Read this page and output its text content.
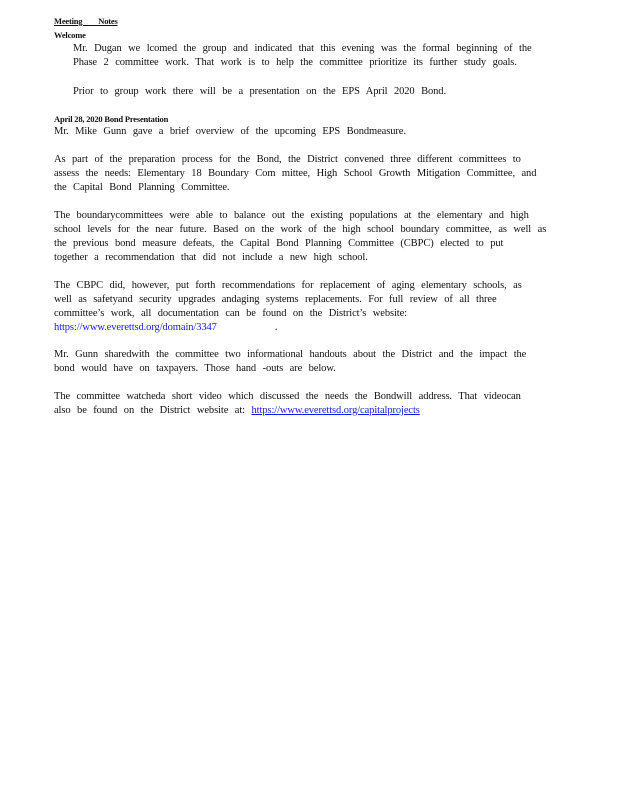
Meeting Notes
Welcome
Mr. Dugan we lcomed the group and indicated that this evening was the formal beginning of the
Phase 2 committee work. That work is to help the committee prioritize its further study goals.
Prior to group work there will be a presentation on the EPS April 2020 Bond.
April 28, 2020 Bond Presentation
Mr. Mike Gunn gave a brief overview of the upcoming EPS Bondmeasure.
As part of the preparation process for the Bond, the District convened three different committees to
assess the needs: Elementary 18 Boundary Com mittee, High School Growth Mitigation Committee, and
the Capital Bond Planning Committee.
The boundarycommittees were able to balance out the existing populations at the elementary and high
school levels for the near future. Based on the work of the high school boundary committee, as well as
the previous bond measure defeats, the Capital Bond Planning Committee (CBPC) elected to put
together a recommendation that did not include a new high school.
The CBPC did, however, put forth recommendations for replacement of aging elementary schools, as
well as safetyand security upgrades andaging systems replacements. For full review of all three
committee’s work, all documentation can be found on the District’s website:
https://www.everettsd.org/domain/3347	.
Mr. Gunn sharedwith the committee two informational handouts about the District and the impact the
bond would have on taxpayers. Those hand -outs are below.
The committee watcheda short video which discussed the needs the Bondwill address. That videocan
also be found on the District website at: https://www.everettsd.org/capitalprojects
